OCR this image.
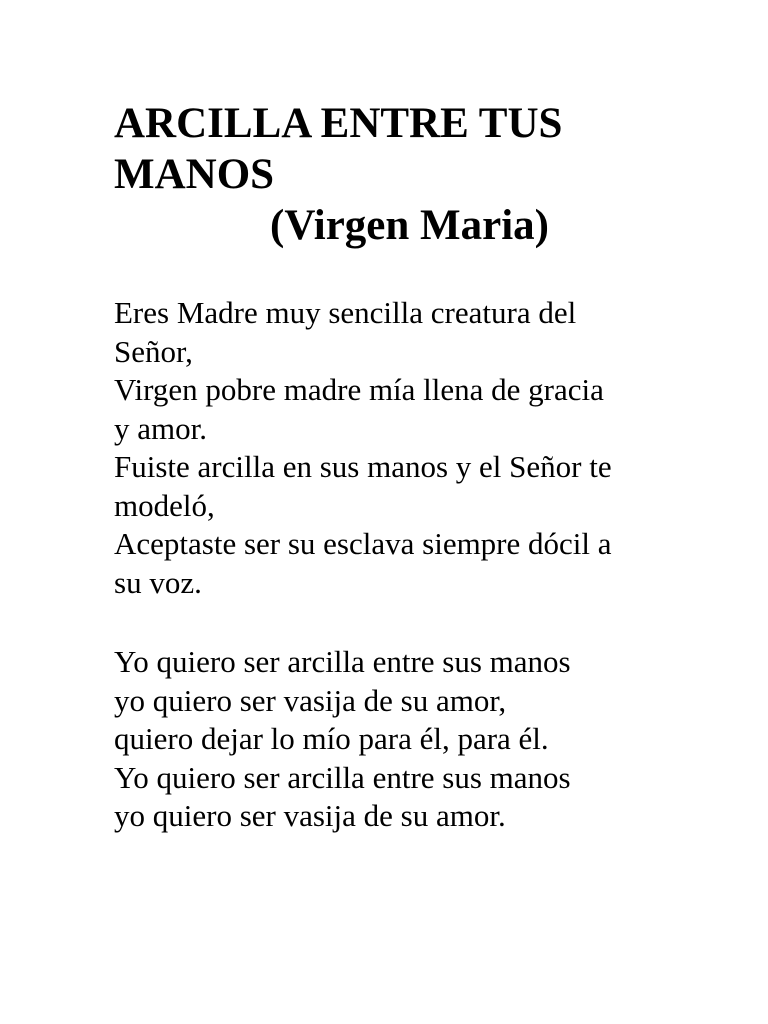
ARCILLA ENTRE TUS

MANOS

(Virgen Maria)

Eres Madre muy sencilla creatura del
Señor,
Virgen pobre madre mía llena de gracia
y amor.
Fuiste arcilla en sus manos y el Señor te
modeló,
Aceptaste ser su esclava siempre dócil a
su voz.
Yo quiero ser arcilla entre sus manos
yo quiero ser vasija de su amor,
quiero dejar lo mío para él, para él.
Yo quiero ser arcilla entre sus manos
yo quiero ser vasija de su amor.
